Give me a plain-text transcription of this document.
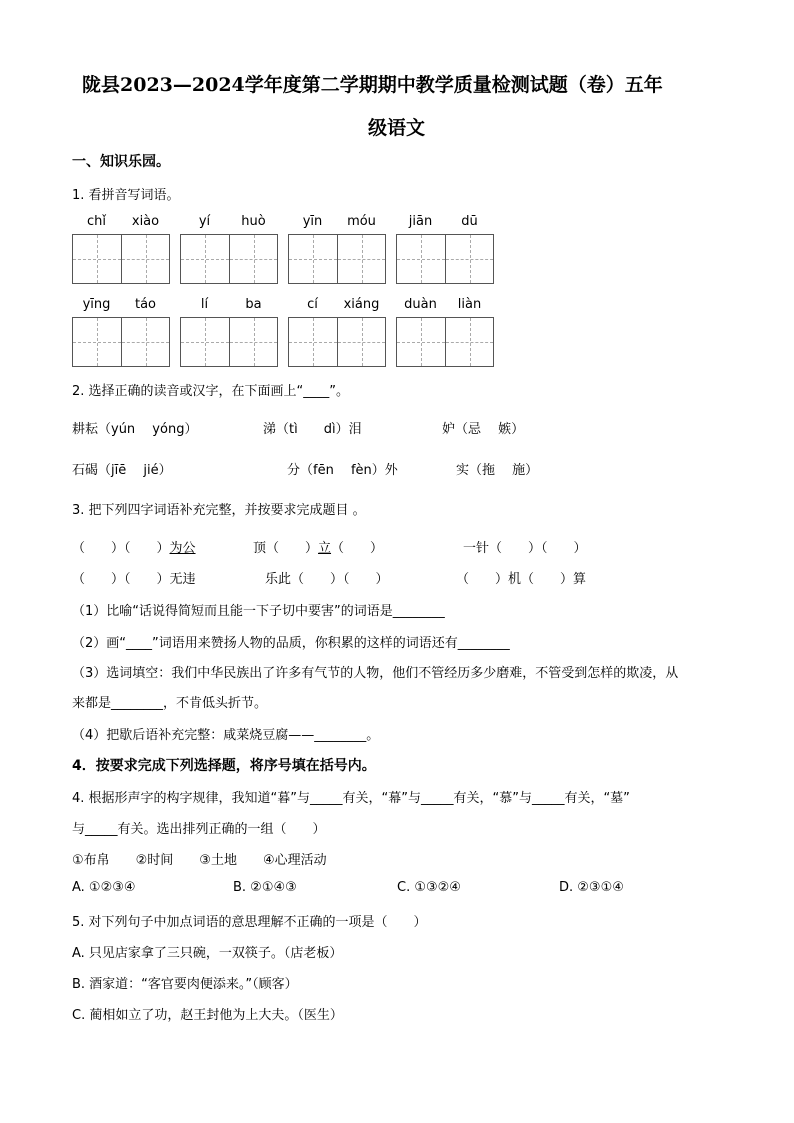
陇县2023—2024学年度第二学期期中教学质量检测试题（卷）五年
级语文
一、知识乐园。
1. 看拼音写词语。
chǐ	xiào	yí	huò	yīn	móu	jiān	dū
yīng	táo	lí	ba	cí	xiáng	duàn	liàn
2. 选择正确的读音或汉字，在下面画上“____”。
耕耘（yún　 yóng）	涕（tì　　dì）泪	妒（忌　 嫉）
石碣（jīē　 jié）	分（fēn　 fèn）外	实（拖　 施）
3. 把下列四字词语补充完整，并按要求完成题目 。
（　　）（　　）为公	顶（　　）立（　　）	一针（　　）（　　）
（　　）（　　）无违	乐此（　　）（　　）	（　　）机（　　）算
（1）比喻“话说得简短而且能一下子切中要害”的词语是________
（2）画“____”词语用来赞扬人物的品质，你积累的这样的词语还有________
（3）选词填空：我们中华民族出了许多有气节的人物，他们不管经历多少磨难，不管受到怎样的欺凌，从
来都是________，不肯低头折节。
（4）把歇后语补充完整：咸菜烧豆腐——________。
4．按要求完成下列选择题，将序号填在括号内。
4. 根据形声字的构字规律，我知道“暮”与_____有关，“幕”与_____有关，“慕”与_____有关，“墓”
与_____有关。选出排列正确的一组（　　）
①布帛　　②时间　　③土地　　④心理活动
A. ①②③④	B. ②①④③	C. ①③②④	D. ②③①④
5. 对下列句子中加点词语的意思理解不正确的一项是（　　）
A. 只见店家拿了三只碗，一双筷子。（店老板）
B. 酒家道：“客官要肉便添来。”（顾客）
C. 蔺相如立了功，赵王封他为上大夫。（医生）
